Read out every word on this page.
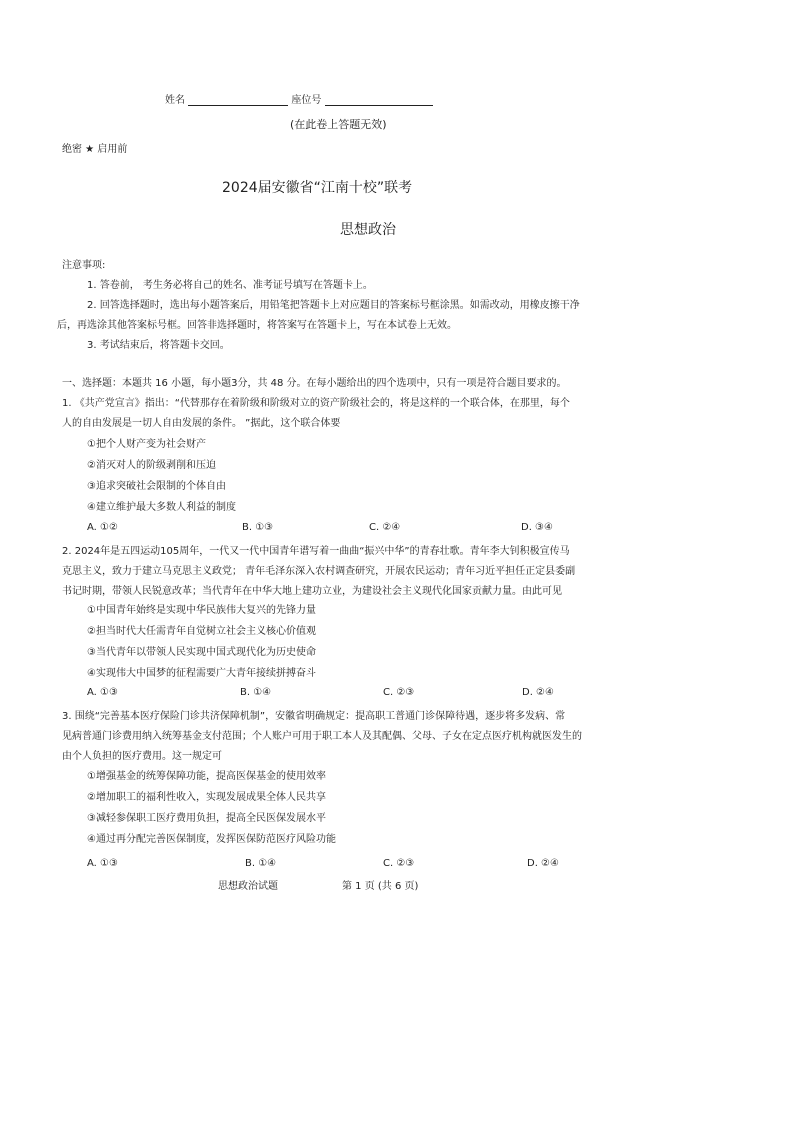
姓名	座位号
(在此卷上答题无效)
绝密 ★ 启用前
2024届安徽省“江南十校”联考
思想政治
注意事项:
1. 答卷前， 考生务必将自己的姓名、准考证号填写在答题卡上。
2. 回答选择题时，选出每小题答案后，用铅笔把答题卡上对应题目的答案标号框涂黑。如需改动，用橡皮擦干净
后，再选涂其他答案标号框。回答非选择题时，将答案写在答题卡上，写在本试卷上无效。
3. 考试结束后，将答题卡交回。
一、选择题：本题共 16 小题，每小题3分，共 48 分。在每小题给出的四个选项中，只有一项是符合题目要求的。
1. 《共产党宣言》指出：“代替那存在着阶级和阶级对立的资产阶级社会的，将是这样的一个联合体，在那里，每个
人的自由发展是一切人自由发展的条件。 ”据此，这个联合体要
①把个人财产变为社会财产
②消灭对人的阶级剥削和压迫
③追求突破社会限制的个体自由
④建立维护最大多数人利益的制度
A. ①②	B. ①③	C. ②④	D. ③④
2. 2024年是五四运动105周年，一代又一代中国青年谱写着一曲曲“振兴中华”的青春壮歌。青年李大钊积极宣传马
克思主义，致力于建立马克思主义政党； 青年毛泽东深入农村调查研究，开展农民运动；青年习近平担任正定县委副
书记时期，带领人民锐意改革；当代青年在中华大地上建功立业，为建设社会主义现代化国家贡献力量。由此可见
①中国青年始终是实现中华民族伟大复兴的先锋力量
②担当时代大任需青年自觉树立社会主义核心价值观
③当代青年以带领人民实现中国式现代化为历史使命
④实现伟大中国梦的征程需要广大青年接续拼搏奋斗
A. ①③	B. ①④	C. ②③	D. ②④
3. 围绕“完善基本医疗保险门诊共济保障机制”，安徽省明确规定：提高职工普通门诊保障待遇，逐步将多发病、常
见病普通门诊费用纳入统筹基金支付范围；个人账户可用于职工本人及其配偶、父母、子女在定点医疗机构就医发生的
由个人负担的医疗费用。这一规定可
①增强基金的统筹保障功能，提高医保基金的使用效率
②增加职工的福利性收入，实现发展成果全体人民共享
③减轻参保职工医疗费用负担，提高全民医保发展水平
④通过再分配完善医保制度，发挥医保防范医疗风险功能
A. ①③	B. ①④	C. ②③	D. ②④
思想政治试题	第 1 页 (共 6 页)
